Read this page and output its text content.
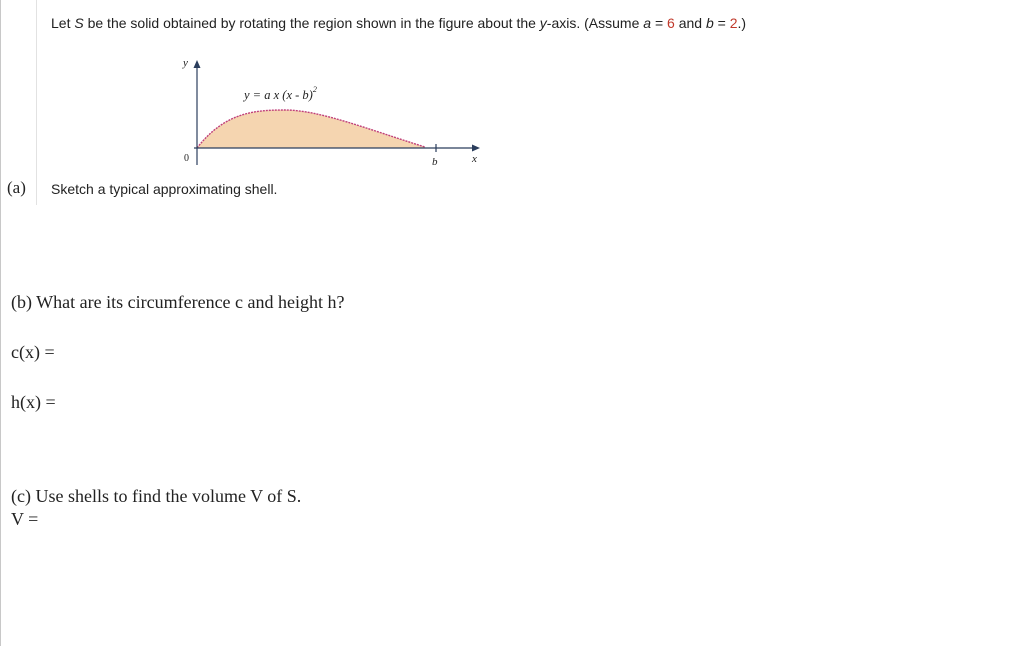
Let S be the solid obtained by rotating the region shown in the figure about the y-axis. (Assume a = 6 and b = 2.)
y
0	b	x
y = a x (x - b)$^2$
(a) Sketch a typical approximating shell.
(b) What are its circumference c and height h?
c(x) =
h(x) =
(c) Use shells to find the volume V of S.
V =
